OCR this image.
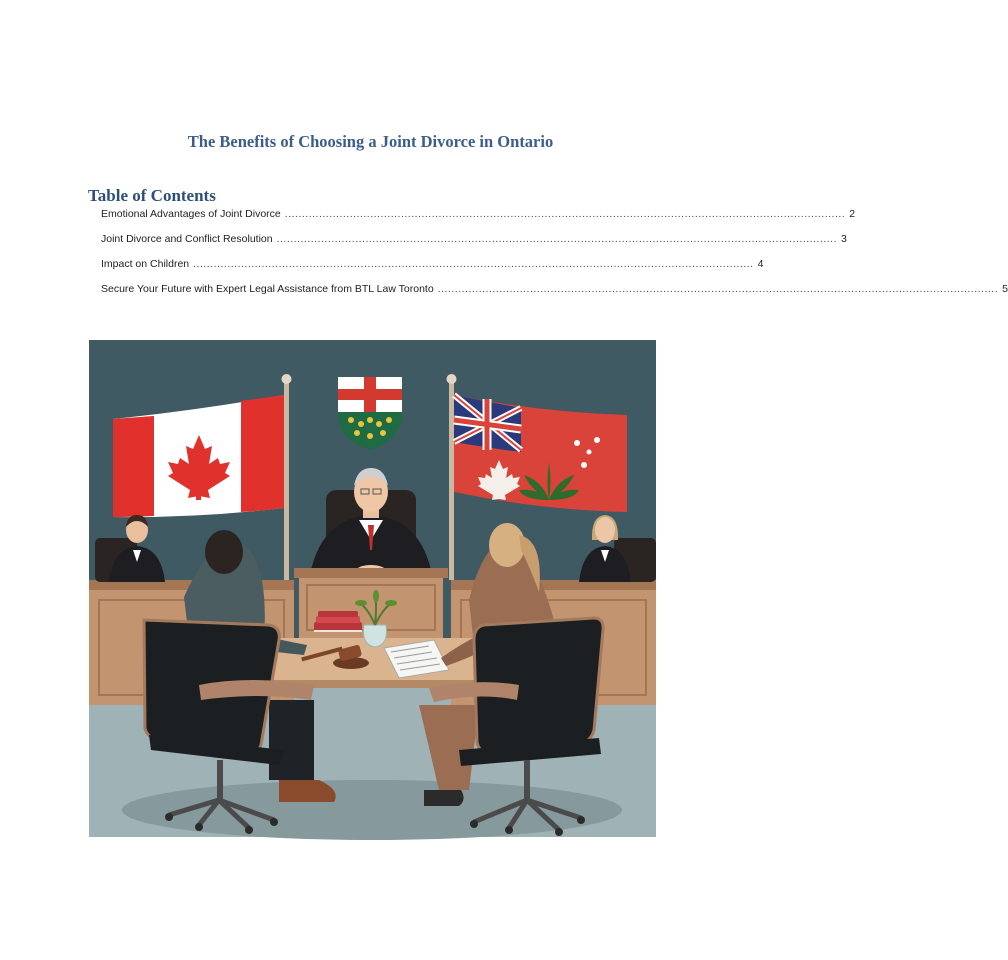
The Benefits of Choosing a Joint Divorce in Ontario
Table of Contents
Emotional Advantages of Joint Divorce .................................................................................................................................................................... 2
Joint Divorce and Conflict Resolution .................................................................................................................................................................... 3
Impact on Children .................................................................................................................................................................... 4
Secure Your Future with Expert Legal Assistance from BTL Law Toronto .................................................................................................................................................................... 5
